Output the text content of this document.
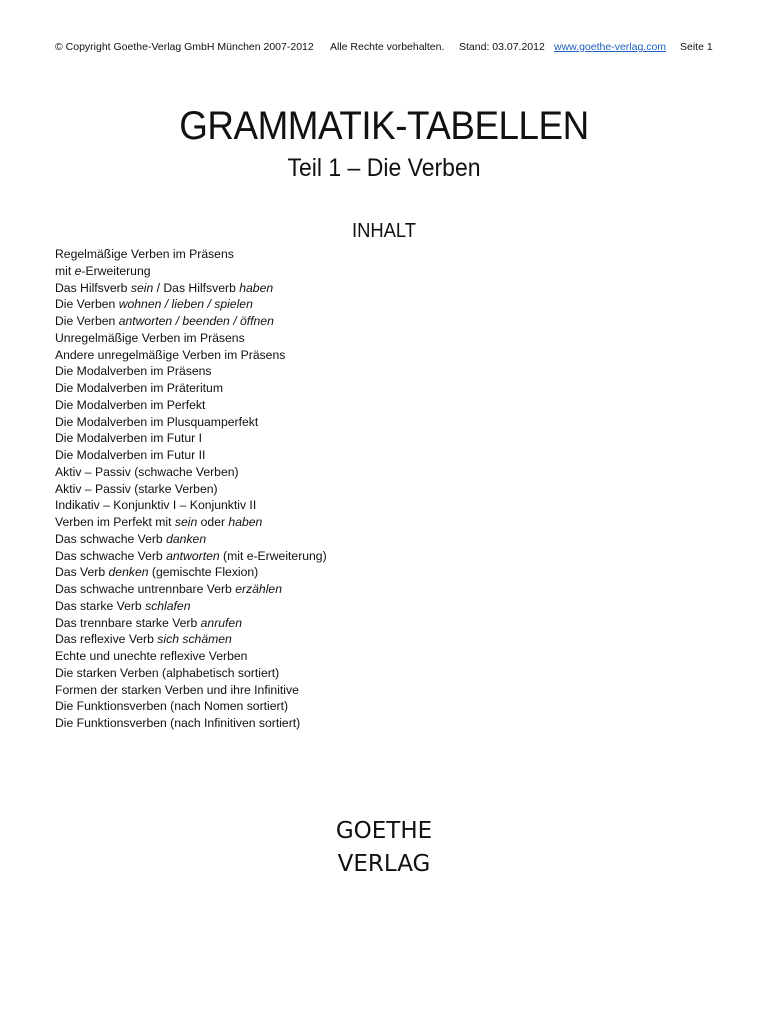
© Copyright Goethe-Verlag GmbH München 2007-2012 Alle Rechte vorbehalten. Stand: 03.07.2012 www.goethe-verlag.com Seite 1
GRAMMATIK-TABELLEN
Teil 1 – Die Verben
INHALT
Regelmäßige Verben im Präsens
mit e-Erweiterung
Das Hilfsverb sein / Das Hilfsverb haben
Die Verben wohnen / lieben / spielen
Die Verben antworten / beenden / öffnen
Unregelmäßige Verben im Präsens
Andere unregelmäßige Verben im Präsens
Die Modalverben im Präsens
Die Modalverben im Präteritum
Die Modalverben im Perfekt
Die Modalverben im Plusquamperfekt
Die Modalverben im Futur I
Die Modalverben im Futur II
Aktiv – Passiv (schwache Verben)
Aktiv – Passiv (starke Verben)
Indikativ – Konjunktiv I – Konjunktiv II
Verben im Perfekt mit sein oder haben
Das schwache Verb danken
Das schwache Verb antworten (mit e-Erweiterung)
Das Verb denken (gemischte Flexion)
Das schwache untrennbare Verb erzählen
Das starke Verb schlafen
Das trennbare starke Verb anrufen
Das reflexive Verb sich schämen
Echte und unechte reflexive Verben
Die starken Verben (alphabetisch sortiert)
Formen der starken Verben und ihre Infinitive
Die Funktionsverben (nach Nomen sortiert)
Die Funktionsverben (nach Infinitiven sortiert)
GOETHE
VERLAG
